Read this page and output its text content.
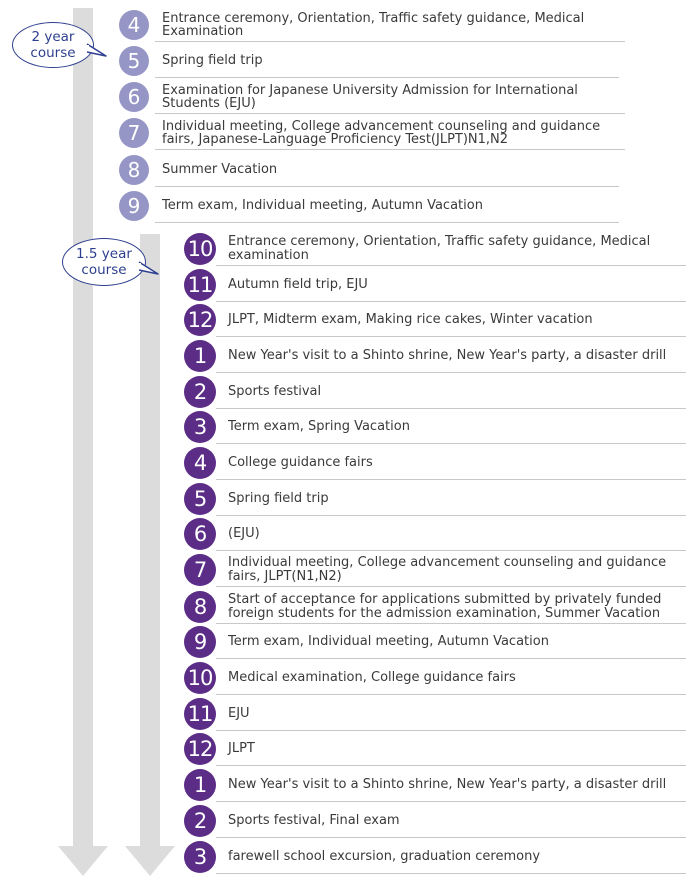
2 year
course
1.5 year
course
4	Entrance ceremony, Orientation, Traffic safety guidance, Medical Examination
5	Spring field trip
6	Examination for Japanese University Admission for International Students (EJU)
7	Individual meeting, College advancement counseling and guidance fairs, Japanese-Language Proficiency Test(JLPT)N1,N2
8	Summer Vacation
9	Term exam, Individual meeting, Autumn Vacation
10 Entrance ceremony, Orientation, Traffic safety guidance, Medical examination
11 Autumn field trip, EJU
12 JLPT, Midterm exam, Making rice cakes, Winter vacation
1	New Year's visit to a Shinto shrine, New Year's party, a disaster drill
2	Sports festival
3	Term exam, Spring Vacation
4	College guidance fairs
5	Spring field trip
6	(EJU)
7	Individual meeting, College advancement counseling and guidance fairs, JLPT(N1,N2)
8	Start of acceptance for applications submitted by privately funded foreign students for the admission examination, Summer Vacation
9	Term exam, Individual meeting, Autumn Vacation
10 Medical examination, College guidance fairs
11 EJU
12 JLPT
1	New Year's visit to a Shinto shrine, New Year's party, a disaster drill
2	Sports festival, Final exam
3	farewell school excursion, graduation ceremony
